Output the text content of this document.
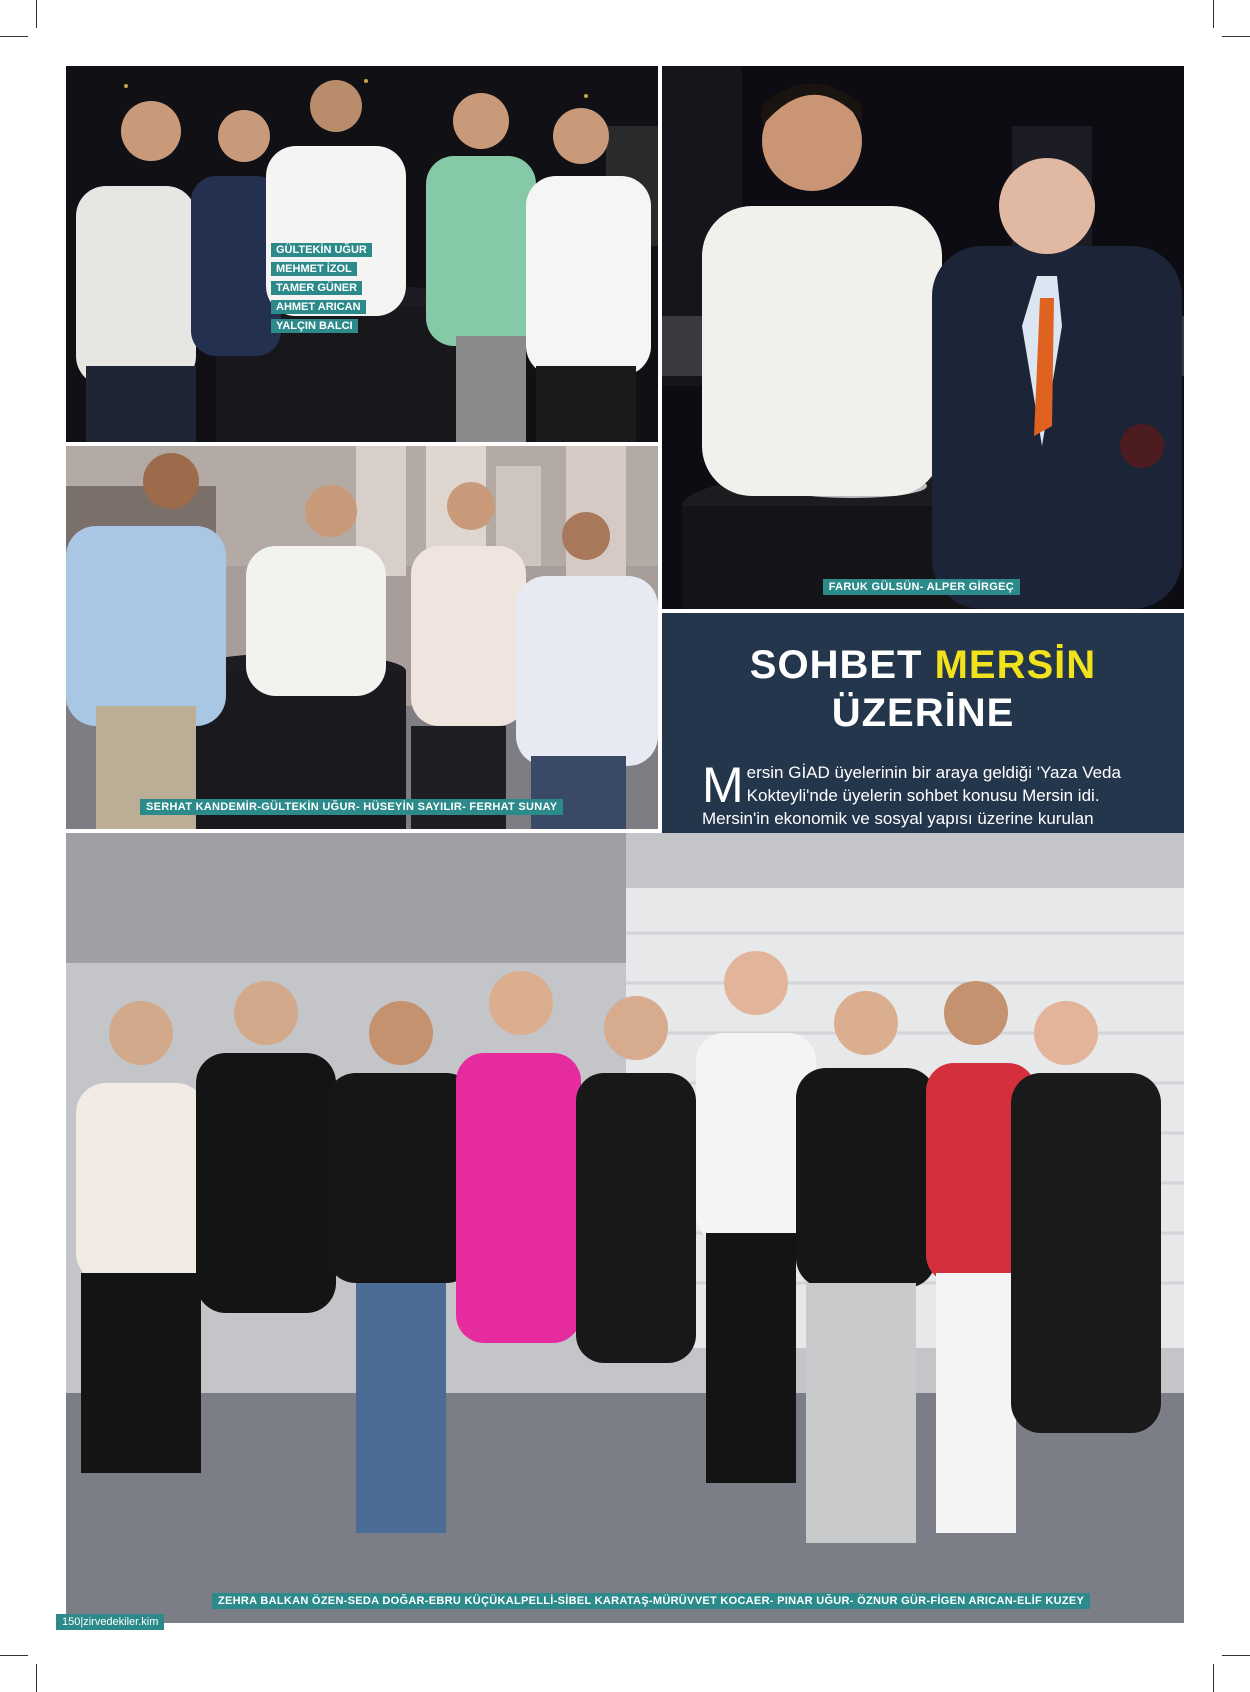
GÜLTEKİN UĞUR
MEHMET İZOL
TAMER GÜNER
AHMET ARICAN
YALÇIN BALCI
FARUK GÜLSÜN- ALPER GİRGEÇ
SERHAT KANDEMİR-GÜLTEKİN UĞUR- HÜSEYİN SAYILIR- FERHAT SUNAY
SOHBET MERSİN
ÜZERİNE
Mersin GİAD üyelerinin bir araya geldiği 'Yaza Veda Kokteyli'nde üyelerin sohbet konusu Mersin idi. Mersin'in ekonomik ve sosyal yapısı üzerine kurulan
ZEHRA BALKAN ÖZEN-SEDA DOĞAR-EBRU KÜÇÜKALPELLİ-SİBEL KARATAŞ-MÜRÜVVET KOCAER- PINAR UĞUR- ÖZNUR GÜR-FİGEN ARICAN-ELİF KUZEY
150|zirvedekiler.kim
